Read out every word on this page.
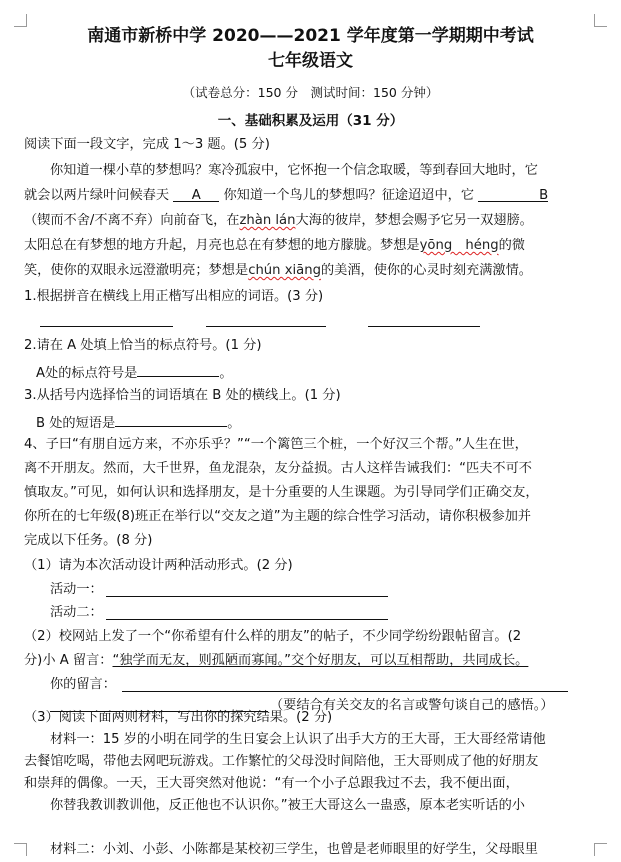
南通市新桥中学 2020——2021 学年度第一学期期中考试
七年级语文
（试卷总分：150 分　测试时间：150 分钟）
一、基础积累及运用（31 分）
阅读下面一段文字，完成 1～3 题。(5 分)
你知道一棵小草的梦想吗？寒冷孤寂中，它怀抱一个信念取暖，等到春回大地时，它
就会以两片绿叶问候春天 A 你知道一个鸟儿的梦想吗？征途迢迢中，它	B
（锲而不舍/不离不弃）向前奋飞，在zhàn lán大海的彼岸，梦想会赐予它另一双翅膀。
太阳总在有梦想的地方升起，月亮也总在有梦想的地方朦胧。梦想是yōng　héng的微
笑，使你的双眼永远澄澈明亮；梦想是chún xiāng的美酒，使你的心灵时刻充满激情。
1.根据拼音在横线上用正楷写出相应的词语。(3 分)
2.请在 A 处填上恰当的标点符号。(1 分)
A处的标点符号是	。
3.从括号内选择恰当的词语填在 B 处的横线上。(1 分)
B 处的短语是	。
4、子曰“有朋自远方来，不亦乐乎？”“一个篱笆三个桩，一个好汉三个帮。”人生在世，
离不开朋友。然而，大千世界，鱼龙混杂，友分益损。古人这样告诫我们：“匹夫不可不
慎取友。”可见，如何认识和选择朋友，是十分重要的人生课题。为引导同学们正确交友，
你所在的七年级(8)班正在举行以“交友之道”为主题的综合性学习活动，请你积极参加并
完成以下任务。(8 分)
（1）请为本次活动设计两种活动形式。(2 分)
活动一：
活动二：
（2）校网站上发了一个“你希望有什么样的朋友”的帖子，不少同学纷纷跟帖留言。(2
分)小 A 留言：“独学而无友，则孤陋而寡闻。”交个好朋友，可以互相帮助，共同成长。
你的留言：
（要结合有关交友的名言或警句谈自己的感悟。）
（3）阅读下面两则材料，写出你的探究结果。(2 分)
材料一：15 岁的小明在同学的生日宴会上认识了出手大方的王大哥，王大哥经常请他
去餐馆吃喝，带他去网吧玩游戏。工作繁忙的父母没时间陪他，王大哥则成了他的好朋友
和崇拜的偶像。一天，王大哥突然对他说：“有一个小子总跟我过不去，我不便出面，
你替我教训教训他，反正他也不认识你。”被王大哥这么一蛊惑，原本老实听话的小
材料二：小刘、小彭、小陈都是某校初三学生，也曾是老师眼里的好学生，父母眼里
